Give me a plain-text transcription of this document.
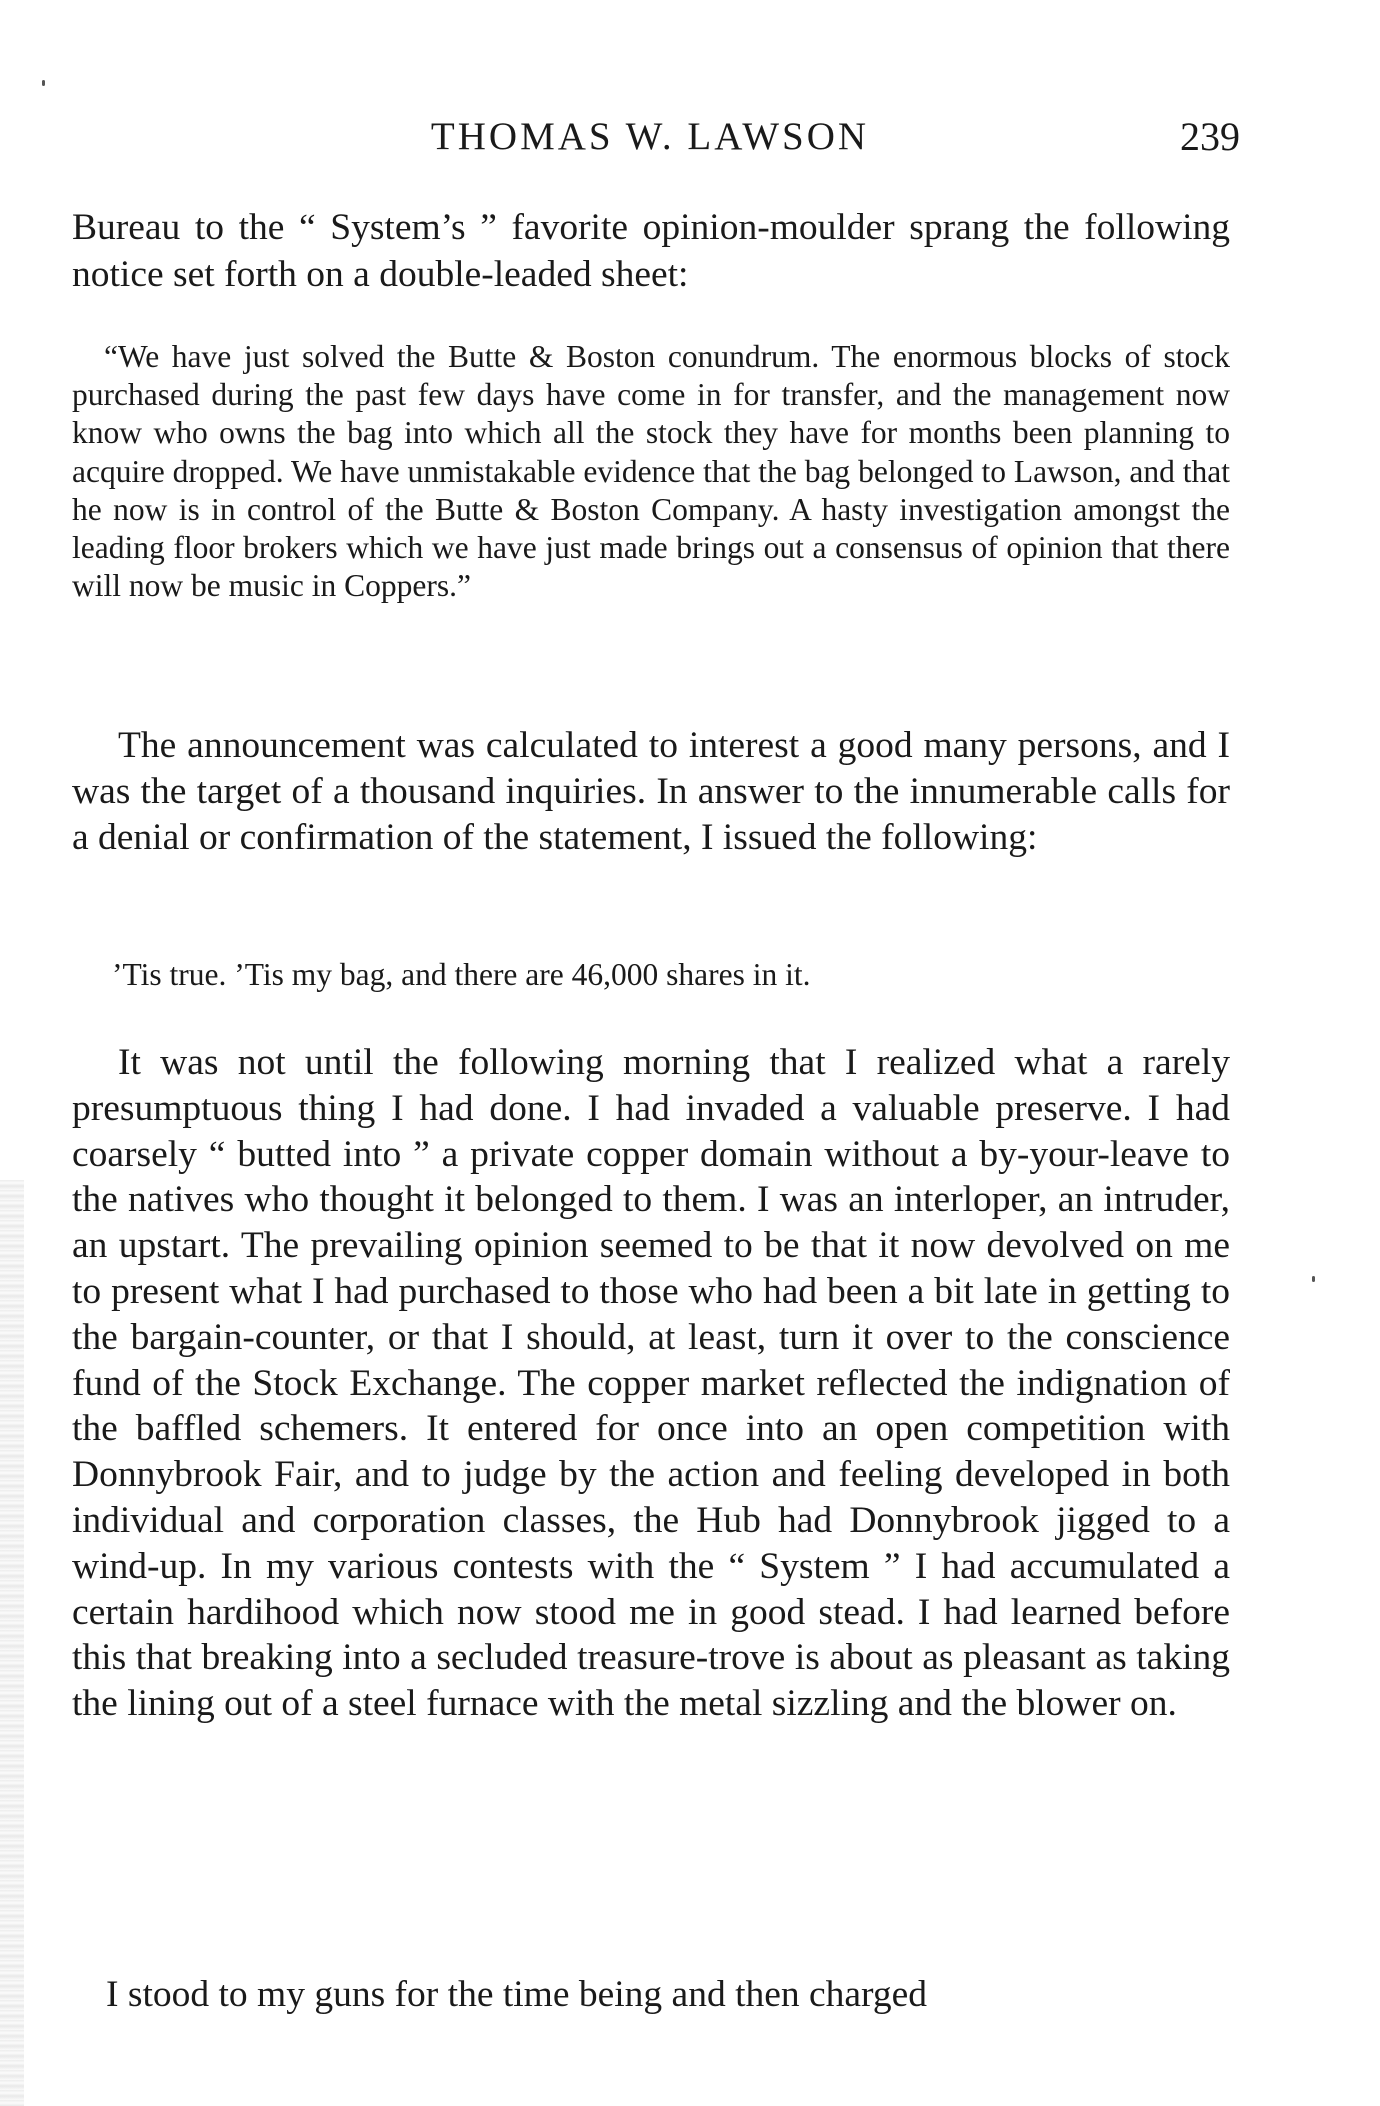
THOMAS W. LAWSON	239

Bureau to the “ System’s ” favorite opinion-moulder sprang the following notice set forth on a double-leaded sheet:

“We have just solved the Butte & Boston conundrum. The enormous blocks of stock purchased during the past few days have come in for transfer, and the management now know who owns the bag into which all the stock they have for months been planning to acquire dropped. We have unmistakable evidence that the bag belonged to Lawson, and that he now is in control of the Butte & Boston Company. A hasty investigation amongst the leading floor brokers which we have just made brings out a consensus of opinion that there will now be music in Coppers.”

The announcement was calculated to interest a good many persons, and I was the target of a thousand inquiries. In answer to the innumerable calls for a denial or confirmation of the statement, I issued the following:

’Tis true. ’Tis my bag, and there are 46,000 shares in it.

It was not until the following morning that I realized what a rarely presumptuous thing I had done. I had invaded a valuable preserve. I had coarsely “ butted into ” a private copper domain without a by-your-leave to the natives who thought it belonged to them. I was an interloper, an intruder, an upstart. The prevailing opinion seemed to be that it now devolved on me to present what I had purchased to those who had been a bit late in getting to the bargain-counter, or that I should, at least, turn it over to the conscience fund of the Stock Exchange. The copper market reflected the indignation of the baffled schemers. It entered for once into an open competition with Donnybrook Fair, and to judge by the action and feeling developed in both individual and corporation classes, the Hub had Donnybrook jigged to a wind-up. In my various contests with the “ System ” I had accumulated a certain hardihood which now stood me in good stead. I had learned before this that breaking into a secluded treasure-trove is about as pleasant as taking the lining out of a steel furnace with the metal sizzling and the blower on.

I stood to my guns for the time being and then charged
